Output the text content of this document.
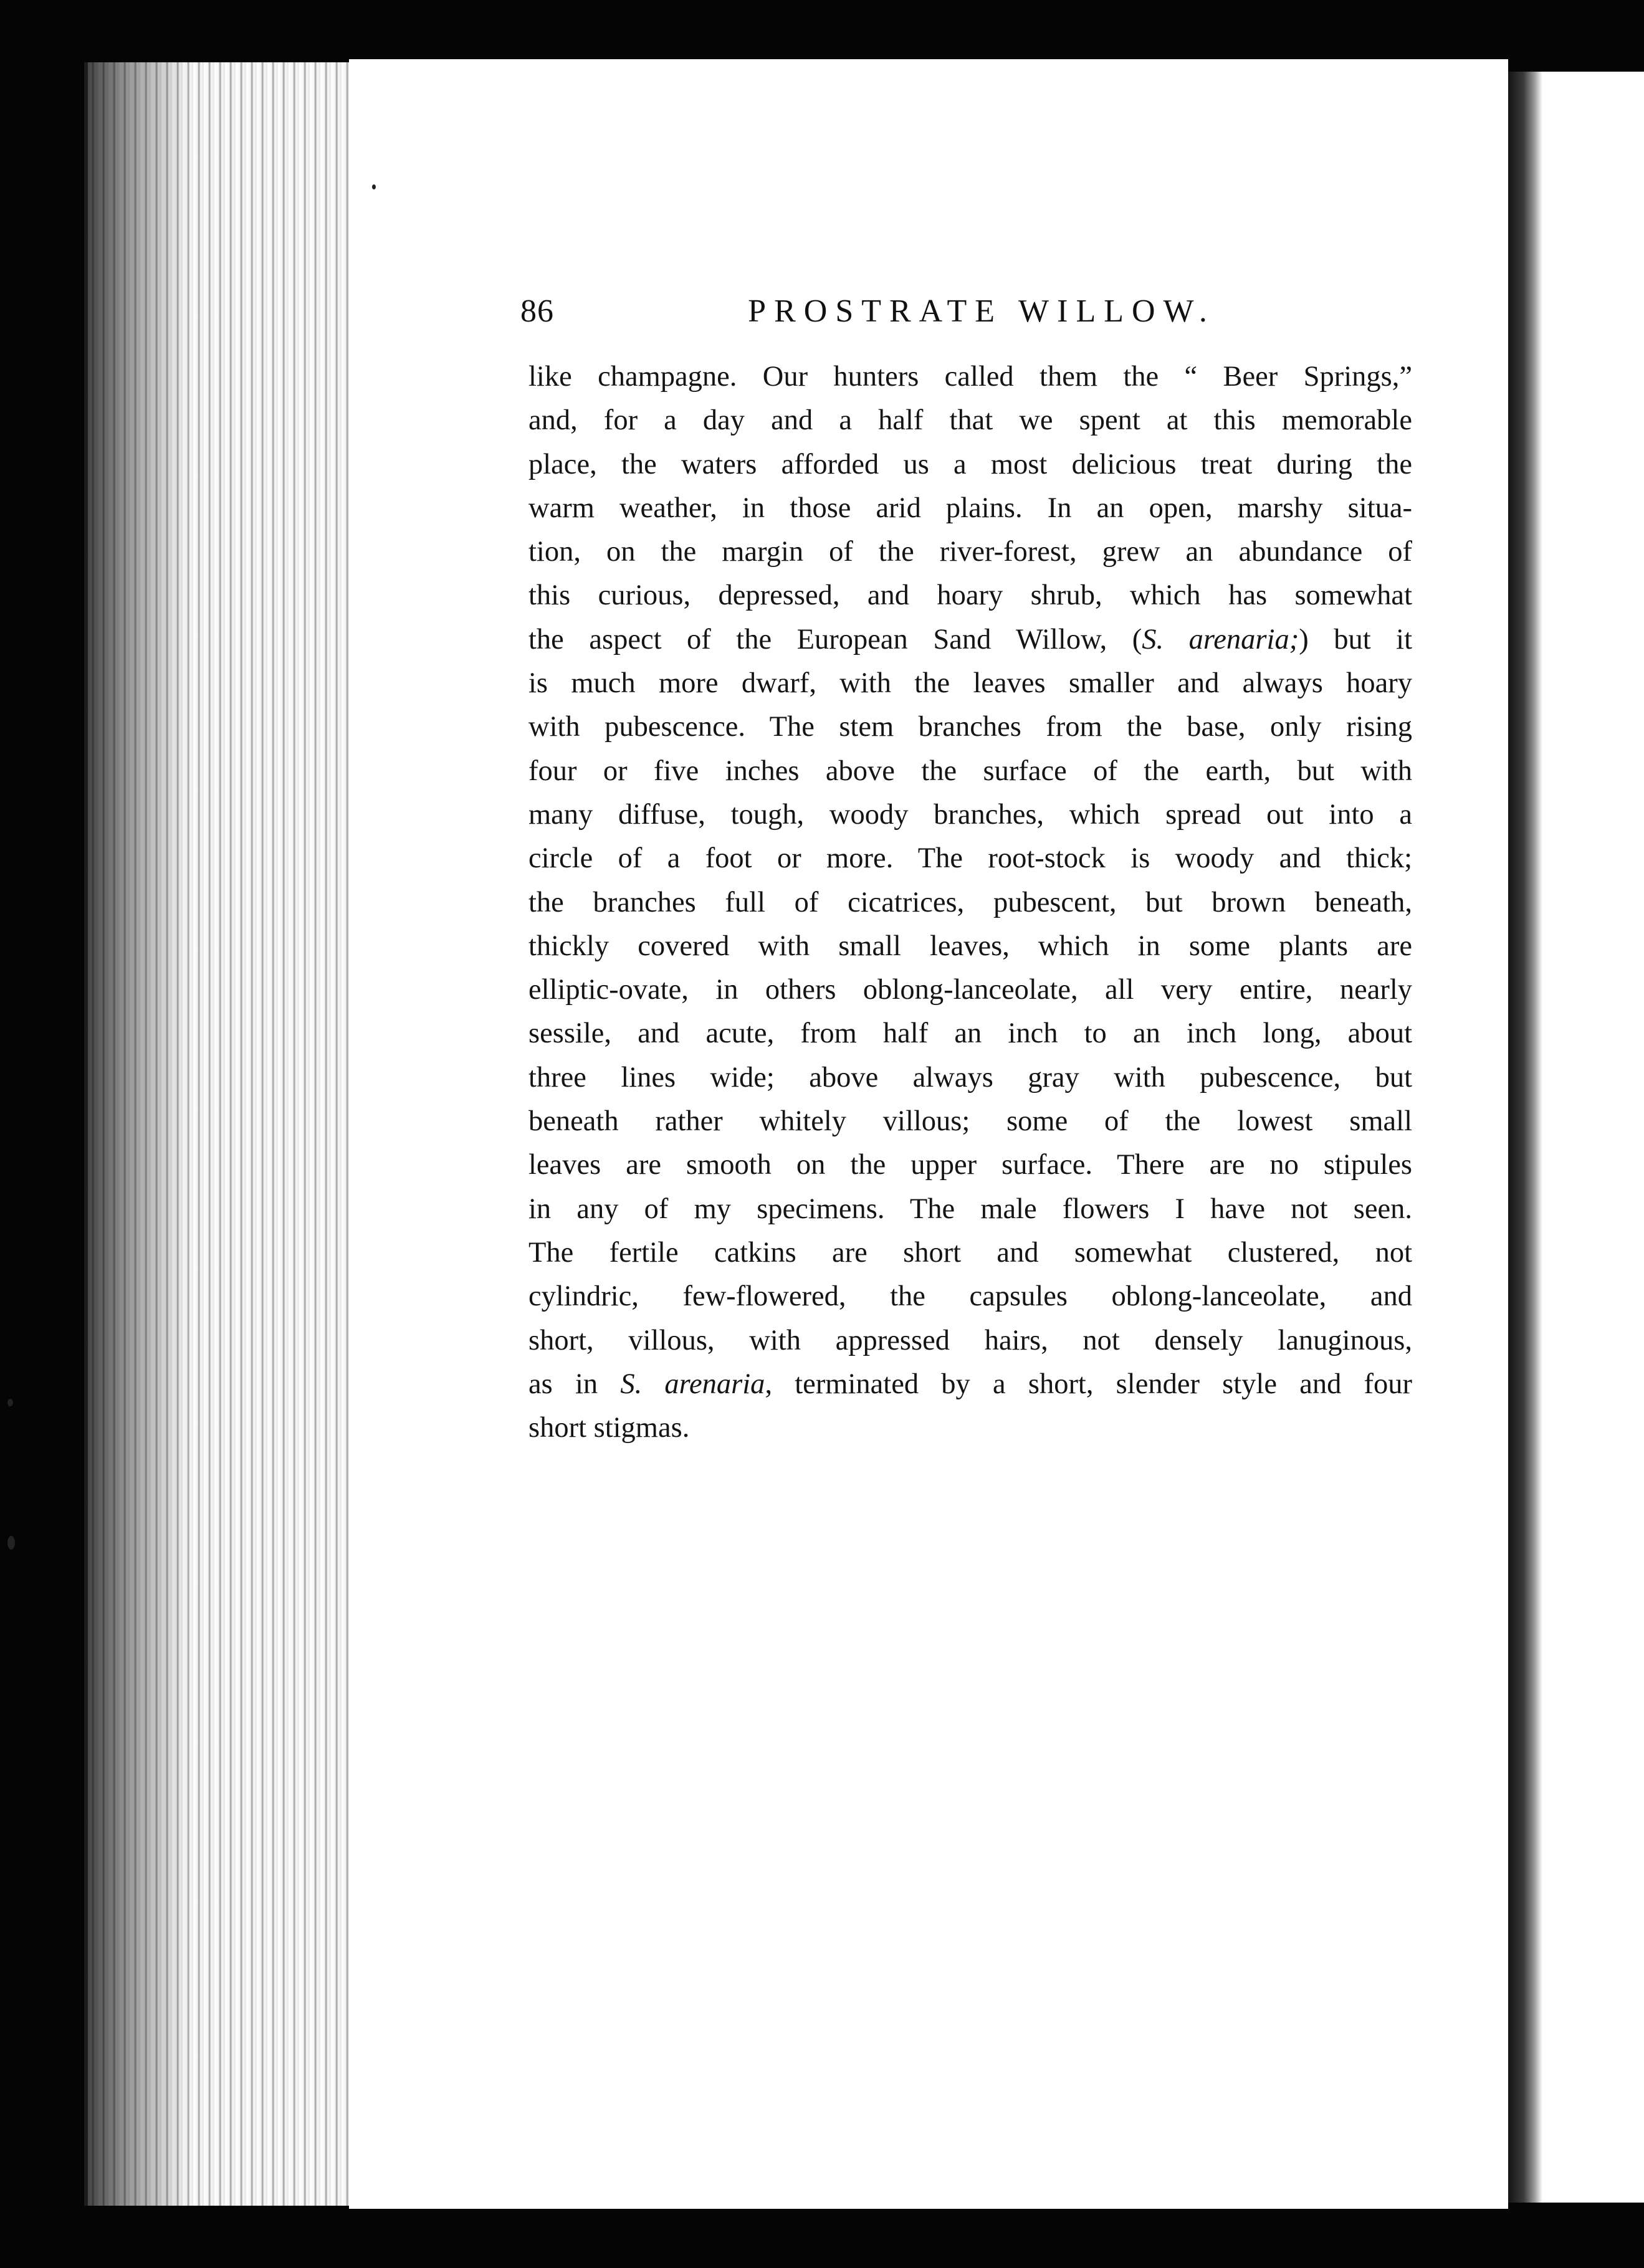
86	PROSTRATE WILLOW.
like champagne. Our hunters called them the “ Beer Springs,”
and, for a day and a half that we spent at this memorable
place, the waters afforded us a most delicious treat during the
warm weather, in those arid plains. In an open, marshy situa-
tion, on the margin of the river-forest, grew an abundance of
this curious, depressed, and hoary shrub, which has somewhat
the aspect of the European Sand Willow, (S. arenaria;) but it
is much more dwarf, with the leaves smaller and always hoary
with pubescence. The stem branches from the base, only rising
four or five inches above the surface of the earth, but with
many diffuse, tough, woody branches, which spread out into a
circle of a foot or more. The root-stock is woody and thick;
the branches full of cicatrices, pubescent, but brown beneath,
thickly covered with small leaves, which in some plants are
elliptic-ovate, in others oblong-lanceolate, all very entire, nearly
sessile, and acute, from half an inch to an inch long, about
three lines wide; above always gray with pubescence, but
beneath rather whitely villous; some of the lowest small
leaves are smooth on the upper surface. There are no stipules
in any of my specimens. The male flowers I have not seen.
The fertile catkins are short and somewhat clustered, not
cylindric, few-flowered, the capsules oblong-lanceolate, and
short, villous, with appressed hairs, not densely lanuginous,
as in S. arenaria, terminated by a short, slender style and four
short stigmas.
